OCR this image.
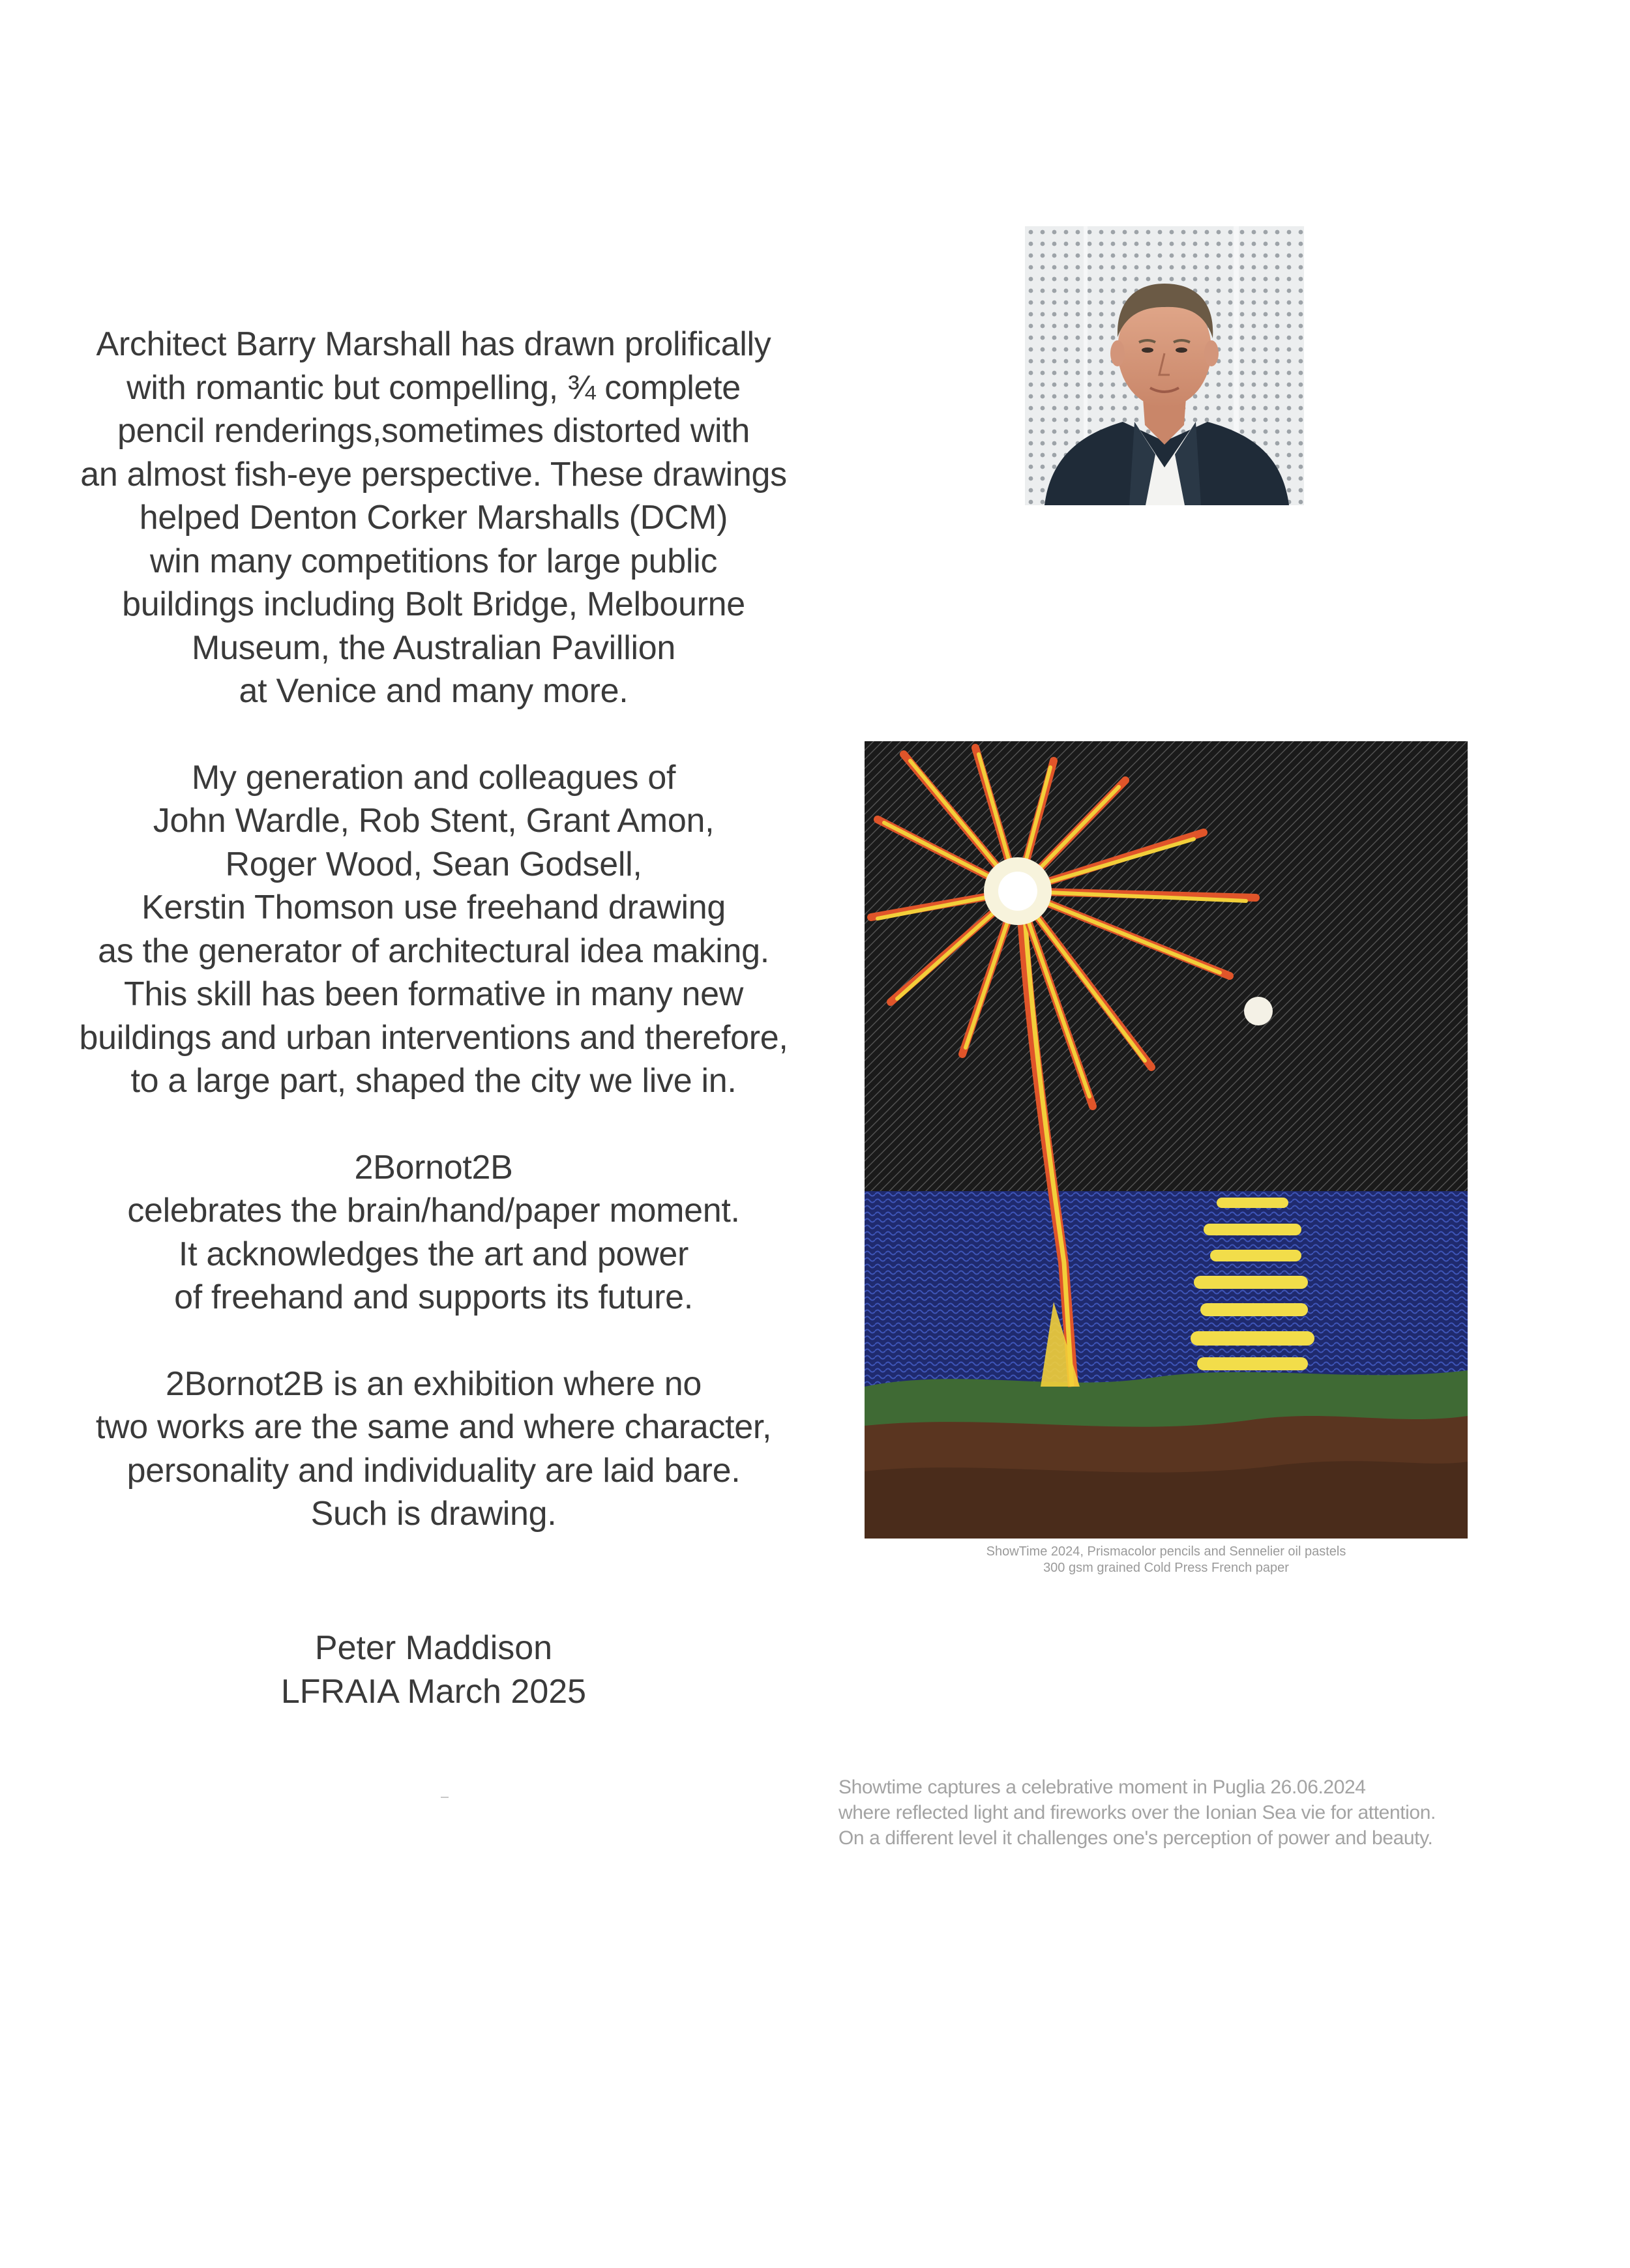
Architect Barry Marshall has drawn prolifically
with romantic but compelling, ¾ complete
pencil renderings,sometimes distorted with
an almost fish-eye perspective. These drawings
helped Denton Corker Marshalls (DCM)
win many competitions for large public
buildings including Bolt Bridge, Melbourne
Museum, the Australian Pavillion
at Venice and many more.

My generation and colleagues of
John Wardle, Rob Stent, Grant Amon,
Roger Wood, Sean Godsell,
Kerstin Thomson use freehand drawing
as the generator of architectural idea making.
This skill has been formative in many new
buildings and urban interventions and therefore,
to a large part, shaped the city we live in.

2Bornot2B
celebrates the brain/hand/paper moment.
It acknowledges the art and power
of freehand and supports its future.

2Bornot2B is an exhibition where no
two works are the same and where character,
personality and individuality are laid bare.
Such is drawing.

Peter Maddison
LFRAIA March 2025
ShowTime 2024, Prismacolor pencils and Sennelier oil pastels
300 gsm grained Cold Press French paper
Showtime captures a celebrative moment in Puglia 26.06.2024
where reflected light and fireworks over the Ionian Sea vie for attention.
On a different level it challenges one's perception of power and beauty.
